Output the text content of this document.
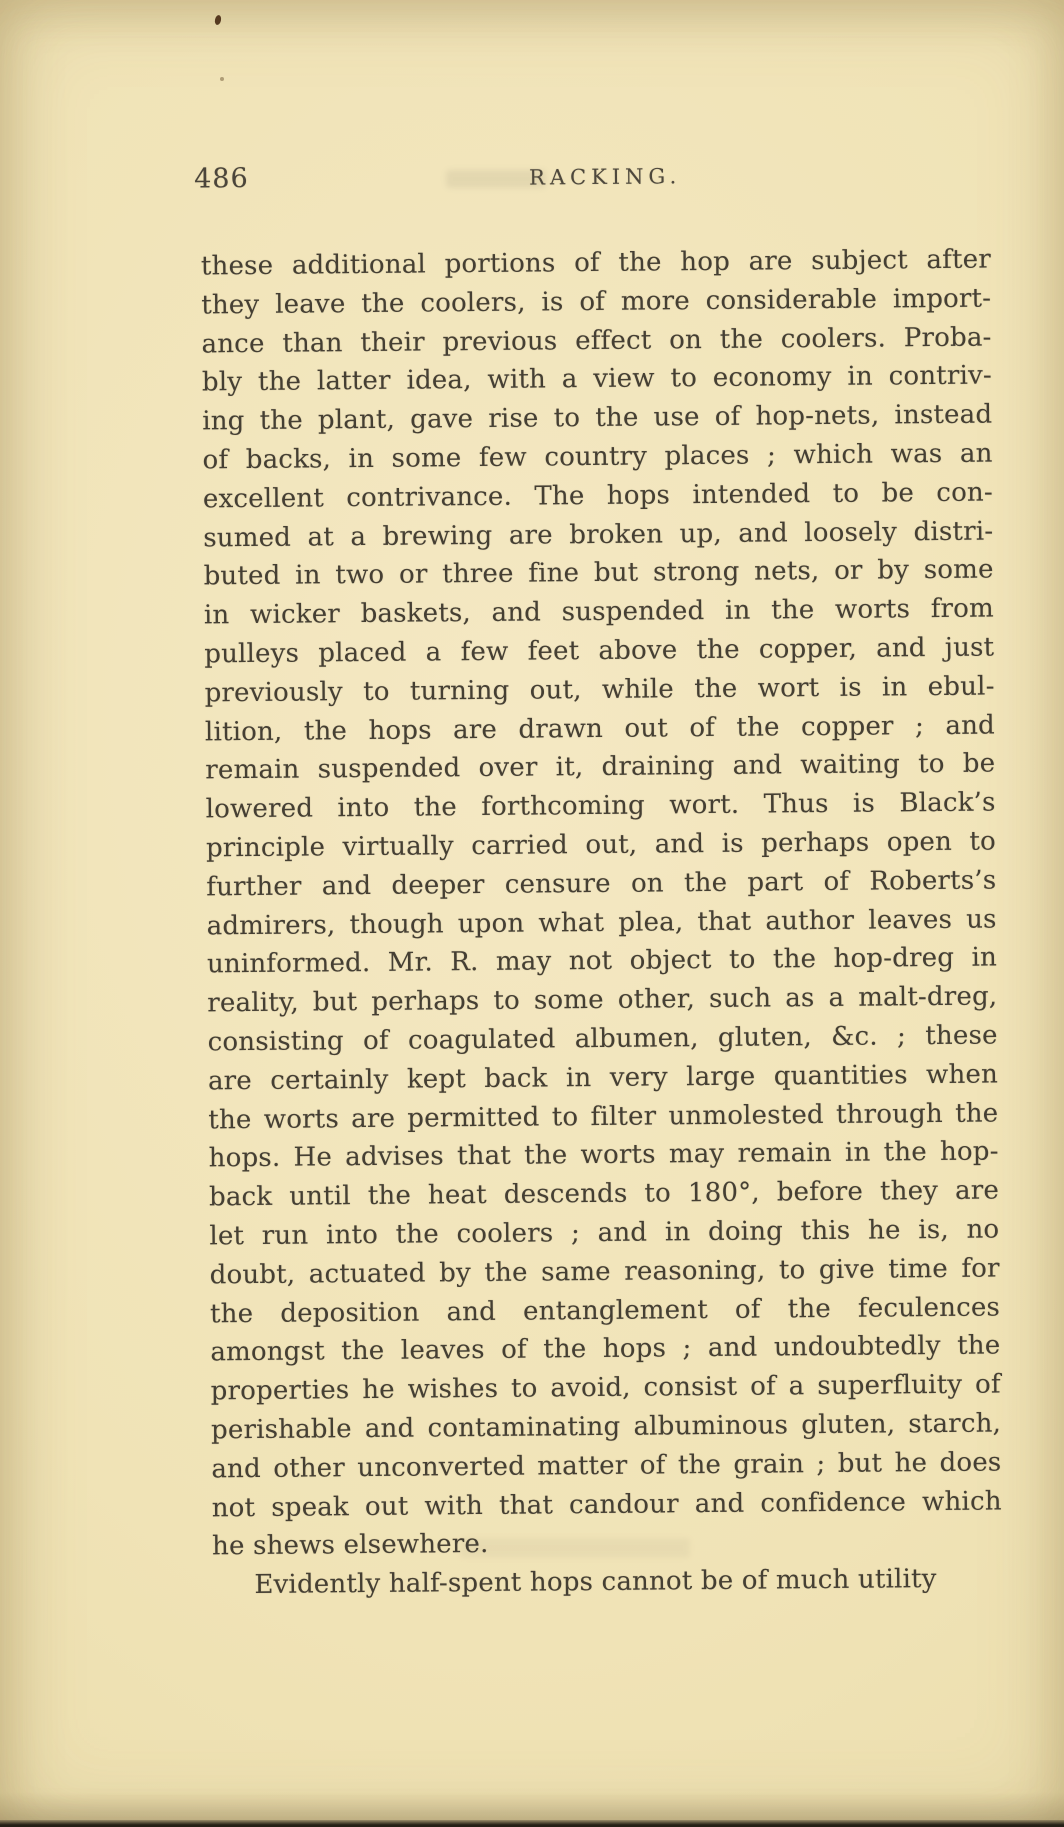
486	RACKING.
these additional portions of the hop are subject after
they leave the coolers, is of more considerable import-
ance than their previous effect on the coolers. Proba-
bly the latter idea, with a view to economy in contriv-
ing the plant, gave rise to the use of hop-nets, instead
of backs, in some few country places ; which was an
excellent contrivance. The hops intended to be con-
sumed at a brewing are broken up, and loosely distri-
buted in two or three fine but strong nets, or by some
in wicker baskets, and suspended in the worts from
pulleys placed a few feet above the copper, and just
previously to turning out, while the wort is in ebul-
lition, the hops are drawn out of the copper ; and
remain suspended over it, draining and waiting to be
lowered into the forthcoming wort. Thus is Black’s
principle virtually carried out, and is perhaps open to
further and deeper censure on the part of Roberts’s
admirers, though upon what plea, that author leaves us
uninformed. Mr. R. may not object to the hop-dreg in
reality, but perhaps to some other, such as a malt-dreg,
consisting of coagulated albumen, gluten, &c. ; these
are certainly kept back in very large quantities when
the worts are permitted to filter unmolested through the
hops. He advises that the worts may remain in the hop-
back until the heat descends to 180°, before they are
let run into the coolers ; and in doing this he is, no
doubt, actuated by the same reasoning, to give time for
the deposition and entanglement of the feculences
amongst the leaves of the hops ; and undoubtedly the
properties he wishes to avoid, consist of a superfluity of
perishable and contaminating albuminous gluten, starch,
and other unconverted matter of the grain ; but he does
not speak out with that candour and confidence which
he shews elsewhere.
Evidently half-spent hops cannot be of much utility
